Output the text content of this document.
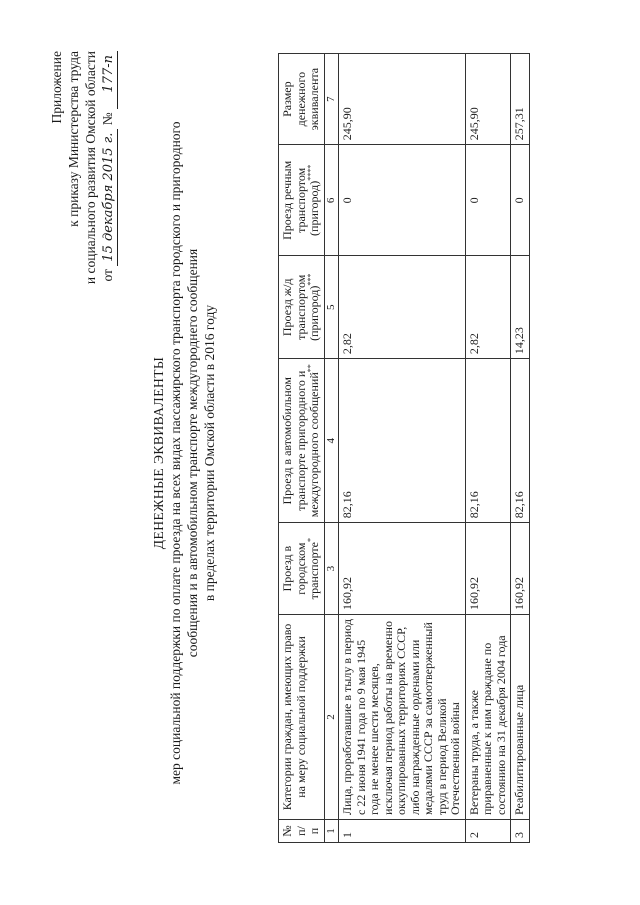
Приложение к приказу Министерства труда и социального развития Омской области от 15 декабря 2015 г. № 177-п
ДЕНЕЖНЫЕ ЭКВИВАЛЕНТЫ мер социальной поддержки по оплате проезда на всех видах пассажирского транспорта городского и пригородного сообщения и в автомобильном транспорте междугороднего сообщения в пределах территории Омской области в 2016 году
№ п/п	Категории граждан, имеющих право на меру социальной поддержки	Проезд в городском транспорте*	Проезд в автомобильном транспорте пригородного и междугородного сообщений**	Проезд ж/д транспортом (пригород)***	Проезд речным транспортом (пригород)****	Размер денежного эквивалента
1	2	3	4	5	6	7
1	Лица, проработавшие в тылу в период с 22 июня 1941 года по 9 мая 1945 года не менее шести месяцев, исключая период работы на временно оккупированных территориях СССР, либо награжденные орденами или медалями СССР за самоотверженный труд в период Великой Отечественной войны	160,92	82,16	2,82	0	245,90
2	Ветераны труда, а также приравненные к ним граждане по состоянию на 31 декабря 2004 года	160,92	82,16	2,82	0	245,90
3	Реабилитированные лица	160,92	82,16	14,23	0	257,31
